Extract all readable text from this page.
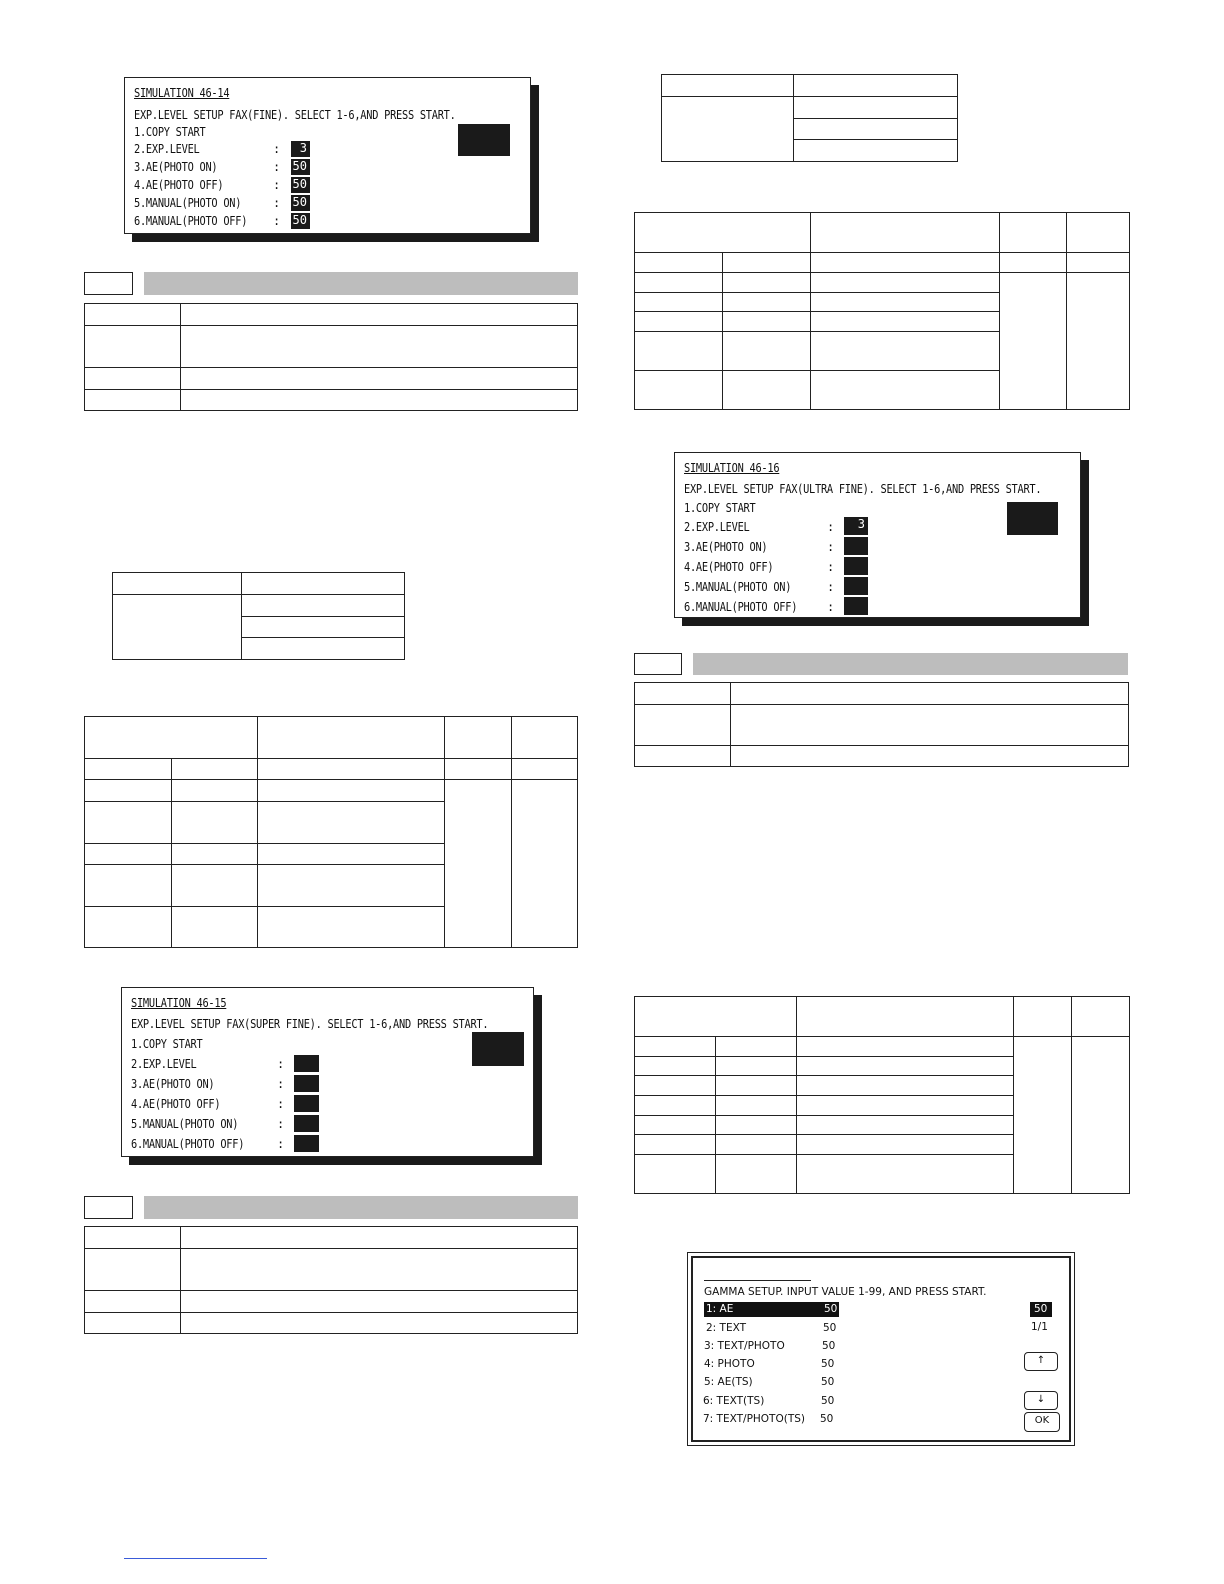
SIMULATION 46-14
EXP.LEVEL SETUP FAX(FINE). SELECT 1-6,AND PRESS START.
1.COPY START
2.EXP.LEVEL	:	3
3.AE(PHOTO ON)	: 50
4.AE(PHOTO OFF)	: 50
5.MANUAL(PHOTO ON)	: 50
6.MANUAL(PHOTO OFF) : 50

SIMULATION 46-15
EXP.LEVEL SETUP FAX(SUPER FINE). SELECT 1-6,AND PRESS START.
1.COPY START
2.EXP.LEVEL	:
3.AE(PHOTO ON)	:
4.AE(PHOTO OFF)	:
5.MANUAL(PHOTO ON)	:
6.MANUAL(PHOTO OFF)	:

SIMULATION 46-16
EXP.LEVEL SETUP FAX(ULTRA FINE). SELECT 1-6,AND PRESS START.
1.COPY START
2.EXP.LEVEL	:	3
3.AE(PHOTO ON)	:
4.AE(PHOTO OFF)	:
5.MANUAL(PHOTO ON)	:
6.MANUAL(PHOTO OFF) :

GAMMA SETUP. INPUT VALUE 1-99, AND PRESS START.
1: AE	50
2: TEXT	50
3: TEXT/PHOTO	50
4: PHOTO	50
5: AE(TS)	50
6: TEXT(TS)	50
7: TEXT/PHOTO(TS) 50
50
1/1
↑
↓
OK
